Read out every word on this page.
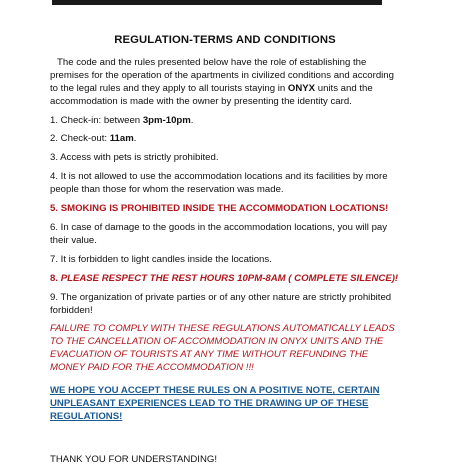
REGULATION-TERMS AND CONDITIONS
The code and the rules presented below have the role of establishing the premises for the operation of the apartments in civilized conditions and according to the legal rules and they apply to all tourists staying in ONYX units and the accommodation is made with the owner by presenting the identity card.
1. Check-in: between 3pm-10pm.
2. Check-out: 11am.
3. Access with pets is strictly prohibited.
4. It is not allowed to use the accommodation locations and its facilities by more people than those for whom the reservation was made.
5. SMOKING IS PROHIBITED INSIDE THE ACCOMMODATION LOCATIONS!
6. In case of damage to the goods in the accommodation locations, you will pay their value.
7. It is forbidden to light candles inside the locations.
8. PLEASE RESPECT THE REST HOURS 10PM-8AM ( COMPLETE SILENCE)!
9. The organization of private parties or of any other nature are strictly prohibited forbidden!
FAILURE TO COMPLY WITH THESE REGULATIONS AUTOMATICALLY LEADS TO THE CANCELLATION OF ACCOMMODATION IN ONYX UNITS AND THE EVACUATION OF TOURISTS AT ANY TIME WITHOUT REFUNDING THE MONEY PAID FOR THE ACCOMMODATION !!!
WE HOPE YOU ACCEPT THESE RULES ON A POSITIVE NOTE, CERTAIN UNPLEASANT EXPERIENCES LEAD TO THE DRAWING UP OF THESE REGULATIONS!
THANK YOU FOR UNDERSTANDING!
